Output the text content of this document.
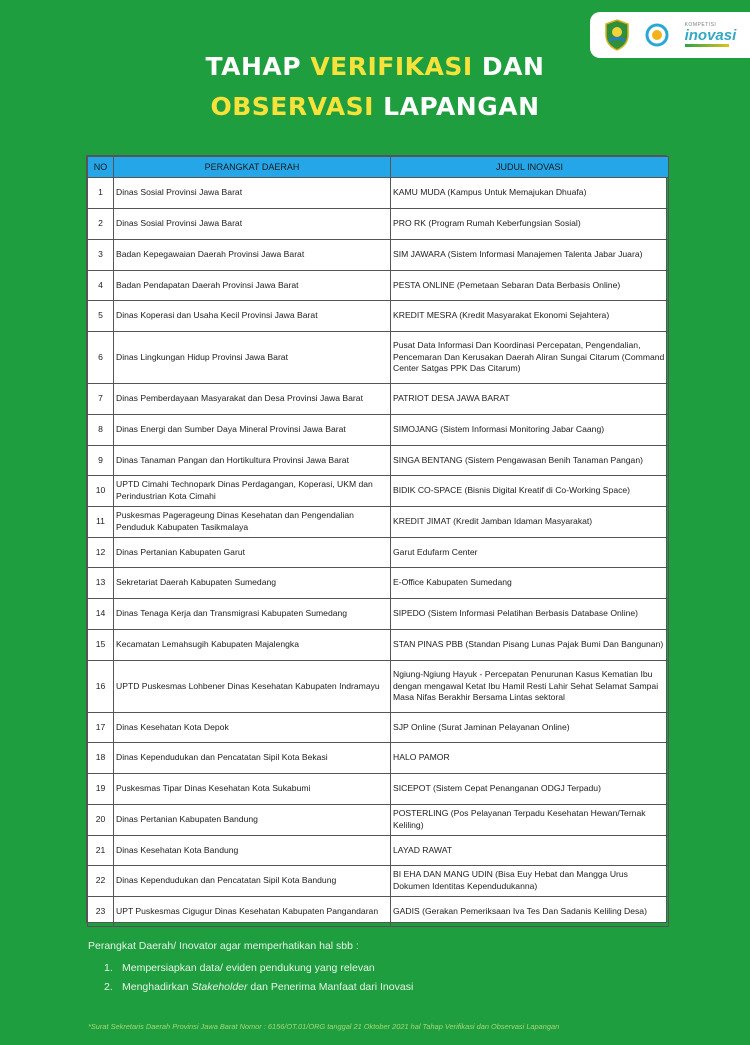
KOMPETISI
inovasi
TAHAP VERIFIKASI DAN
OBSERVASI LAPANGAN
NO	PERANGKAT DAERAH	JUDUL INOVASI
1	Dinas Sosial Provinsi Jawa Barat	KAMU MUDA (Kampus Untuk Memajukan Dhuafa)
2	Dinas Sosial Provinsi Jawa Barat	PRO RK (Program Rumah Keberfungsian Sosial)
3	Badan Kepegawaian Daerah Provinsi Jawa Barat	SIM JAWARA (Sistem Informasi Manajemen Talenta Jabar Juara)
4	Badan Pendapatan Daerah Provinsi Jawa Barat	PESTA ONLINE (Pemetaan Sebaran Data Berbasis Online)
5	Dinas Koperasi dan Usaha Kecil Provinsi Jawa Barat	KREDIT MESRA (Kredit Masyarakat Ekonomi Sejahtera)
6	Dinas Lingkungan Hidup Provinsi Jawa Barat	Pusat Data Informasi Dan Koordinasi Percepatan, Pengendalian, Pencemaran Dan Kerusakan Daerah Aliran Sungai Citarum (Command Center Satgas PPK Das Citarum)
7	Dinas Pemberdayaan Masyarakat dan Desa Provinsi Jawa Barat	PATRIOT DESA JAWA BARAT
8	Dinas Energi dan Sumber Daya Mineral Provinsi Jawa Barat	SIMOJANG (Sistem Informasi Monitoring Jabar Caang)
9	Dinas Tanaman Pangan dan Hortikultura Provinsi Jawa Barat	SINGA BENTANG (Sistem Pengawasan Benih Tanaman Pangan)
10	UPTD Cimahi Technopark Dinas Perdagangan, Koperasi, UKM dan Perindustrian Kota Cimahi	BIDIK CO-SPACE (Bisnis Digital Kreatif di Co-Working Space)
11	Puskesmas Pagerageung Dinas Kesehatan dan Pengendalian Penduduk Kabupaten Tasikmalaya	KREDIT JIMAT (Kredit Jamban Idaman Masyarakat)
12	Dinas Pertanian Kabupaten Garut	Garut Edufarm Center
13	Sekretariat Daerah Kabupaten Sumedang	E-Office Kabupaten Sumedang
14	Dinas Tenaga Kerja dan Transmigrasi Kabupaten Sumedang	SIPEDO (Sistem Informasi Pelatihan Berbasis Database Online)
15	Kecamatan Lemahsugih Kabupaten Majalengka	STAN PINAS PBB (Standan Pisang Lunas Pajak Bumi Dan Bangunan)
16	UPTD Puskesmas Lohbener Dinas Kesehatan Kabupaten Indramayu	Ngiung-Ngiung Hayuk - Percepatan Penurunan Kasus Kematian Ibu dengan mengawal Ketat Ibu Hamil Resti Lahir Sehat Selamat Sampai Masa Nifas Berakhir Bersama Lintas sektoral
17	Dinas Kesehatan Kota Depok	SJP Online (Surat Jaminan Pelayanan Online)
18	Dinas Kependudukan dan Pencatatan Sipil Kota Bekasi	HALO PAMOR
19	Puskesmas Tipar Dinas Kesehatan Kota Sukabumi	SICEPOT (Sistem Cepat Penanganan ODGJ Terpadu)
20	Dinas Pertanian Kabupaten Bandung	POSTERLING (Pos Pelayanan Terpadu Kesehatan Hewan/Ternak Keliling)
21	Dinas Kesehatan Kota Bandung	LAYAD RAWAT
22	Dinas Kependudukan dan Pencatatan Sipil Kota Bandung	BI EHA DAN MANG UDIN (Bisa Euy Hebat dan Mangga Urus Dokumen Identitas Kependudukanna)
23	UPT Puskesmas Cigugur Dinas Kesehatan Kabupaten Pangandaran	GADIS (Gerakan Pemeriksaan Iva Tes Dan Sadanis Keliling Desa)
Perangkat Daerah/ Inovator agar memperhatikan hal sbb :
1. Mempersiapkan data/ eviden pendukung yang relevan
2. Menghadirkan Stakeholder dan Penerima Manfaat dari Inovasi
*Surat Sekretaris Daerah Provinsi Jawa Barat Nomor : 6156/OT.01/ORG tanggal 21 Oktober 2021 hal Tahap Verifikasi dan Observasi Lapangan
